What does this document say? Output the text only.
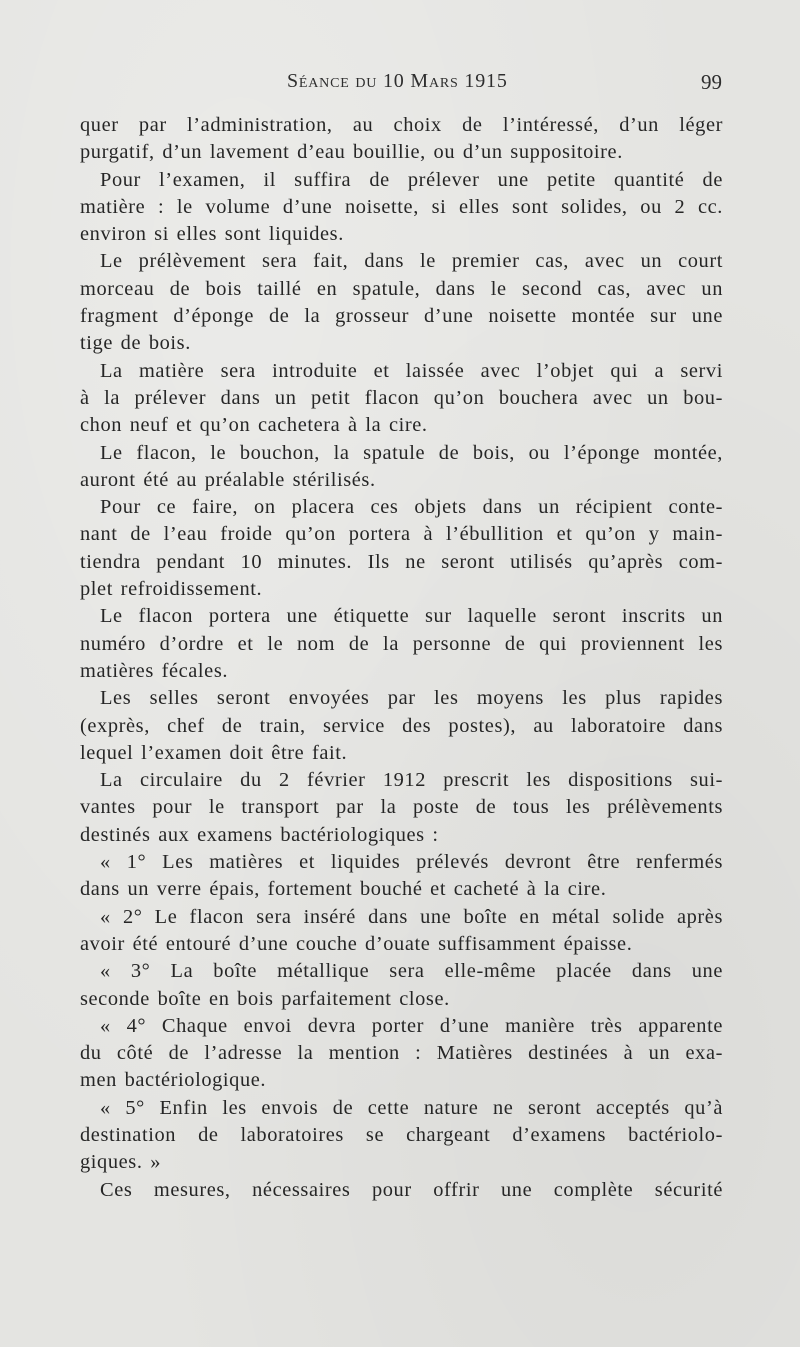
Séance du 10 Mars 1915	99
quer par l’administration, au choix de l’intéressé, d’un léger
purgatif, d’un lavement d’eau bouillie, ou d’un suppositoire.
Pour l’examen, il suffira de prélever une petite quantité de
matière : le volume d’une noisette, si elles sont solides, ou 2 cc.
environ si elles sont liquides.
Le prélèvement sera fait, dans le premier cas, avec un court
morceau de bois taillé en spatule, dans le second cas, avec un
fragment d’éponge de la grosseur d’une noisette montée sur une
tige de bois.
La matière sera introduite et laissée avec l’objet qui a servi
à la prélever dans un petit flacon qu’on bouchera avec un bou-
chon neuf et qu’on cachetera à la cire.
Le flacon, le bouchon, la spatule de bois, ou l’éponge montée,
auront été au préalable stérilisés.
Pour ce faire, on placera ces objets dans un récipient conte-
nant de l’eau froide qu’on portera à l’ébullition et qu’on y main-
tiendra pendant 10 minutes. Ils ne seront utilisés qu’après com-
plet refroidissement.
Le flacon portera une étiquette sur laquelle seront inscrits un
numéro d’ordre et le nom de la personne de qui proviennent les
matières fécales.
Les selles seront envoyées par les moyens les plus rapides
(exprès, chef de train, service des postes), au laboratoire dans
lequel l’examen doit être fait.
La circulaire du 2 février 1912 prescrit les dispositions sui-
vantes pour le transport par la poste de tous les prélèvements
destinés aux examens bactériologiques :
« 1° Les matières et liquides prélevés devront être renfermés
dans un verre épais, fortement bouché et cacheté à la cire.
« 2° Le flacon sera inséré dans une boîte en métal solide après
avoir été entouré d’une couche d’ouate suffisamment épaisse.
« 3° La boîte métallique sera elle-même placée dans une
seconde boîte en bois parfaitement close.
« 4° Chaque envoi devra porter d’une manière très apparente
du côté de l’adresse la mention : Matières destinées à un exa-
men bactériologique.
« 5° Enfin les envois de cette nature ne seront acceptés qu’à
destination de laboratoires se chargeant d’examens bactériolo-
giques. »
Ces mesures, nécessaires pour offrir une complète sécurité
